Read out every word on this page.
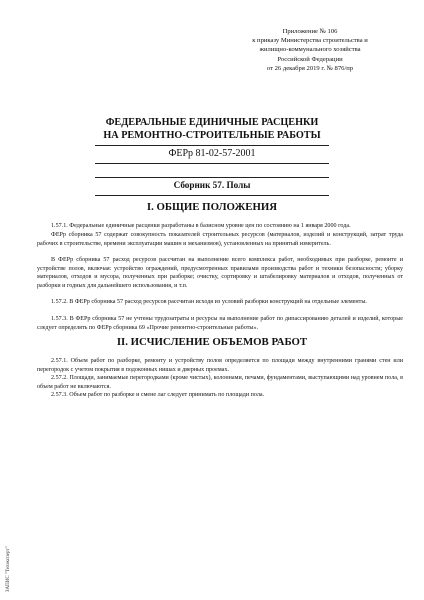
Приложение № 106
к приказу Министерства строительства и
жилищно-коммунального хозяйства
Российской Федерации
от 26 декабря 2019 г. № 876/пр
ФЕДЕРАЛЬНЫЕ ЕДИНИЧНЫЕ РАСЦЕНКИ
НА РЕМОНТНО-СТРОИТЕЛЬНЫЕ РАБОТЫ
ФЕРр 81-02-57-2001
Сборник 57. Полы
I. ОБЩИЕ ПОЛОЖЕНИЯ
1.57.1. Федеральные единичные расценки разработаны в базисном уровне цен по состоянию на 1 января 2000 года.
ФЕРр сборника 57 содержат совокупность показателей строительных ресурсов (материалов, изделий и конструкций, затрат труда рабочих в строительстве, времени эксплуатации машин и механизмов), установленных на принятый измеритель.
В ФЕРр сборника 57 расход ресурсов рассчитан на выполнение всего комплекса работ, необходимых при разборке, ремонте и устройстве полов, включая: устройство ограждений, предусмотренных правилами производства работ и техники безопасности; уборку материалов, отходов и мусора, полученных при разборке; очистку, сортировку и штабелировку материалов и отходов, полученных от разборки и годных для дальнейшего использования, и т.п.
1.57.2. В ФЕРр сборника 57 расход ресурсов рассчитан исходя из условий разборки конструкций на отдельные элементы.
1.57.3. В ФЕРр сборника 57 не учтены трудозатраты и ресурсы на выполнение работ по дипассированию деталей и изделий, которые следует определять по ФЕРр сборника 69 «Прочие ремонтно-строительные работы».
II. ИСЧИСЛЕНИЕ ОБЪЕМОВ РАБОТ
2.57.1. Объем работ по разборке, ремонту и устройству полов определяется по площади между внутренними гранями стен или перегородок с учетом покрытия в подоконных нишах и дверных проемах.
2.57.2. Площади, занимаемые перегородками (кроме чистых), колоннами, печами, фундаментами, выступающими над уровнем пола, в объем работ не включаются.
2.57.3. Объем работ по разборке и смене лаг следует принимать по площади пола.
ЗАПИС "Техэксперт"
